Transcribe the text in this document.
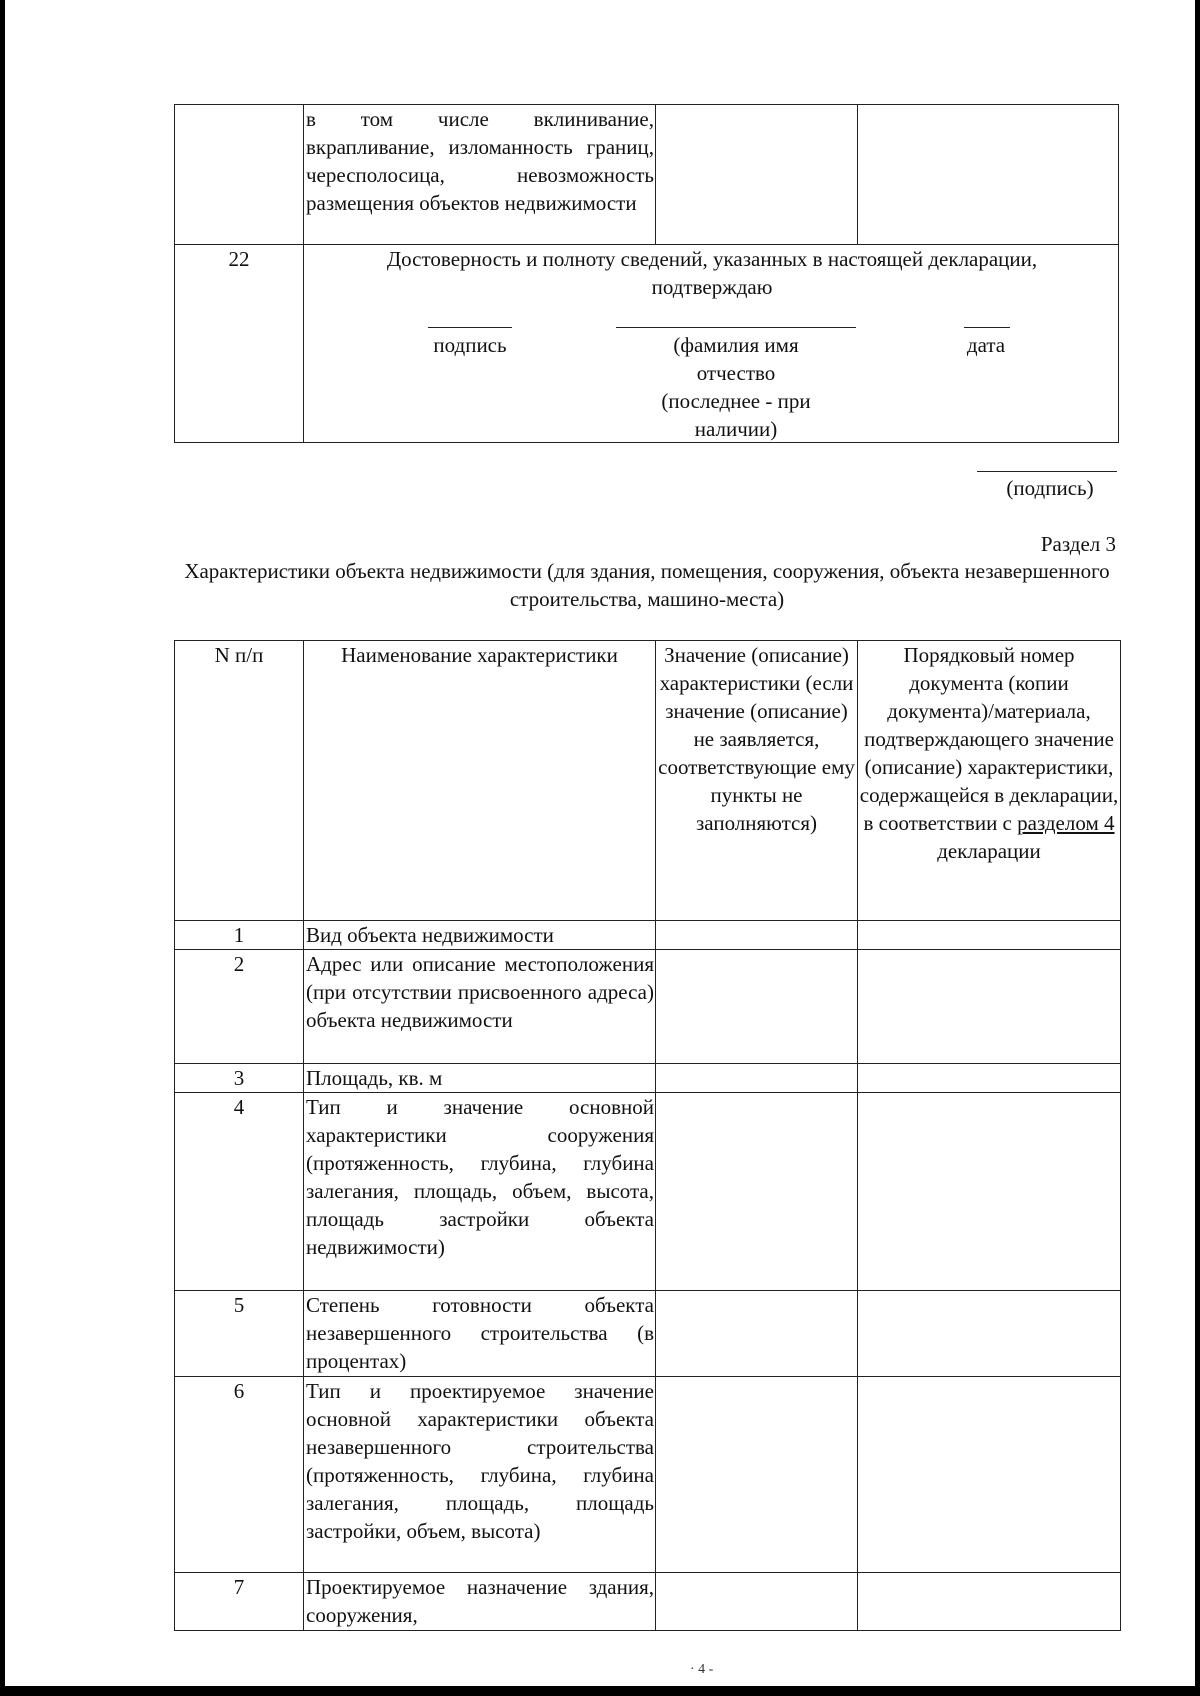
	в том числе вклинивание, вкрапливание, изломанность границ, чересполосица, невозможность размещения объектов недвижимости		
22	Достоверность и полноту сведений, указанных в настоящей декларации, подтверждаю
подпись (фамилия имя отчество (последнее - при наличии)
дата		
(подпись)
Раздел 3
Характеристики объекта недвижимости (для здания, помещения, сооружения, объекта незавершенного строительства, машино-места)
N п/п	Наименование характеристики	Значение (описание) характеристики (если значение (описание) не заявляется, соответствующие ему пункты не заполняются)	Порядковый номер документа (копии документа)/материала, подтверждающего значение (описание) характеристики, содержащейся в декларации, в соответствии с разделом 4 декларации
1	Вид объекта недвижимости		
2	Адрес или описание местоположения (при отсутствии присвоенного адреса) объекта недвижимости		
3	Площадь, кв. м		
4	Тип и значение основной характеристики сооружения (протяженность, глубина, глубина залегания, площадь, объем, высота, площадь застройки объекта недвижимости)		
5	Степень готовности объекта незавершенного строительства (в процентах)		
6	Тип и проектируемое значение основной характеристики объекта незавершенного строительства (протяженность, глубина, глубина залегания, площадь, площадь застройки, объем, высота)		
7	Проектируемое назначение здания, сооружения,		
· 4 -
